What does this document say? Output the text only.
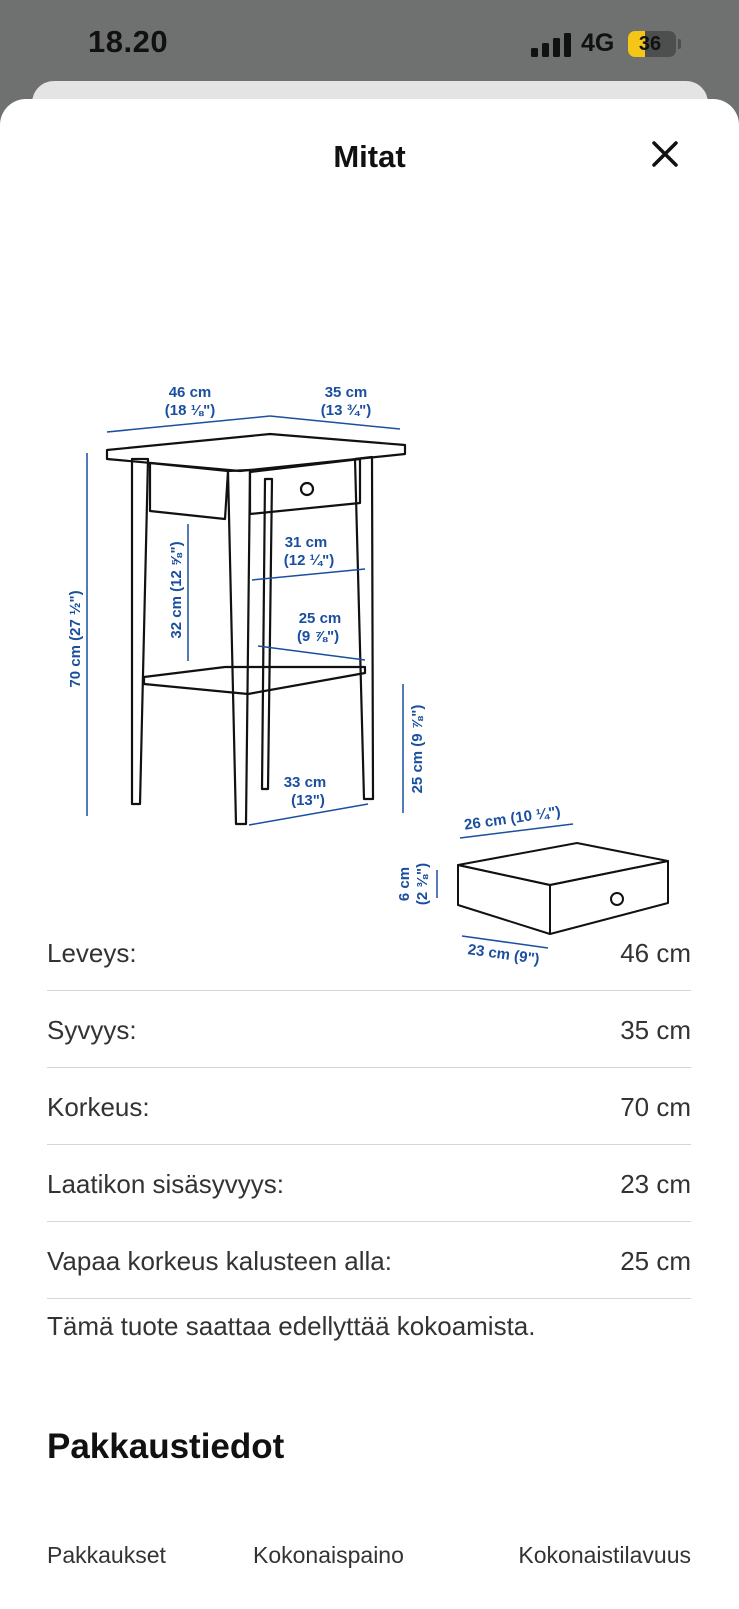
18.20	4G	36
Mitat
46 cm
(18 ⅛")
35 cm
(13 ¾")
70 cm (27 ½")
32 cm (12 ⅝")	31 cm
(12 ¼")
25 cm
(9 ⅞")
25 cm (9 ⅞")
33 cm
(13")
26 cm (10 ¼")
6 cm (2 ⅜")
23 cm (9")
Leveys:	46 cm
Syvyys:	35 cm
Korkeus:	70 cm
Laatikon sisäsyvyys:	23 cm
Vapaa korkeus kalusteen alla:	25 cm
Tämä tuote saattaa edellyttää kokoamista.
Pakkaustiedot
Pakkaukset	Kokonaispaino	Kokonaistilavuus
